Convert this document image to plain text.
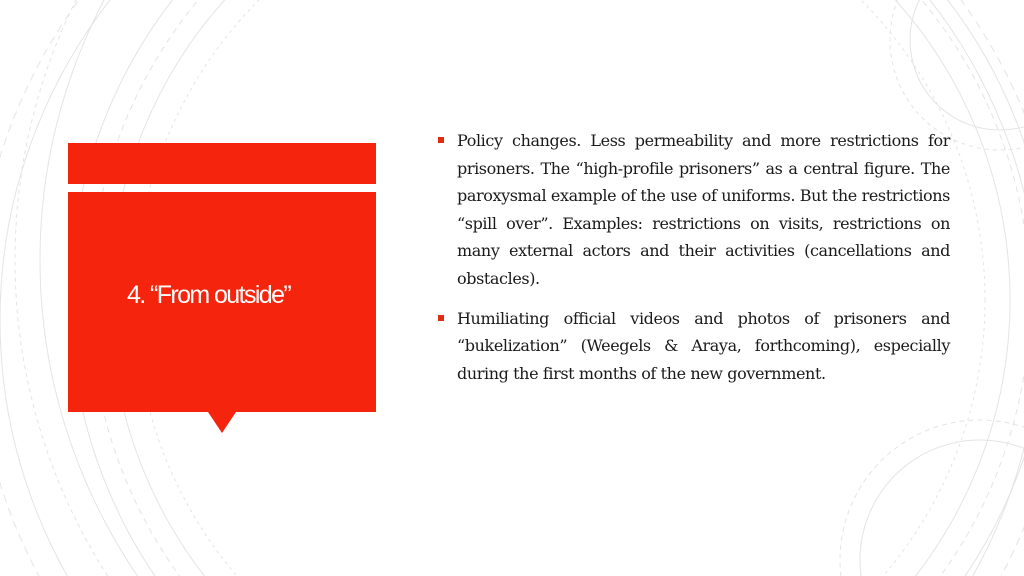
4. “From outside”
Policy changes. Less permeability and more restrictions for prisoners. The “high-profile prisoners” as a central figure. The paroxysmal example of the use of uniforms. But the restrictions “spill over”. Examples: restrictions on visits, restrictions on many external actors and their activities (cancellations and obstacles).
Humiliating official videos and photos of prisoners and “bukelization” (Weegels & Araya, forthcoming), especially during the first months of the new government.
